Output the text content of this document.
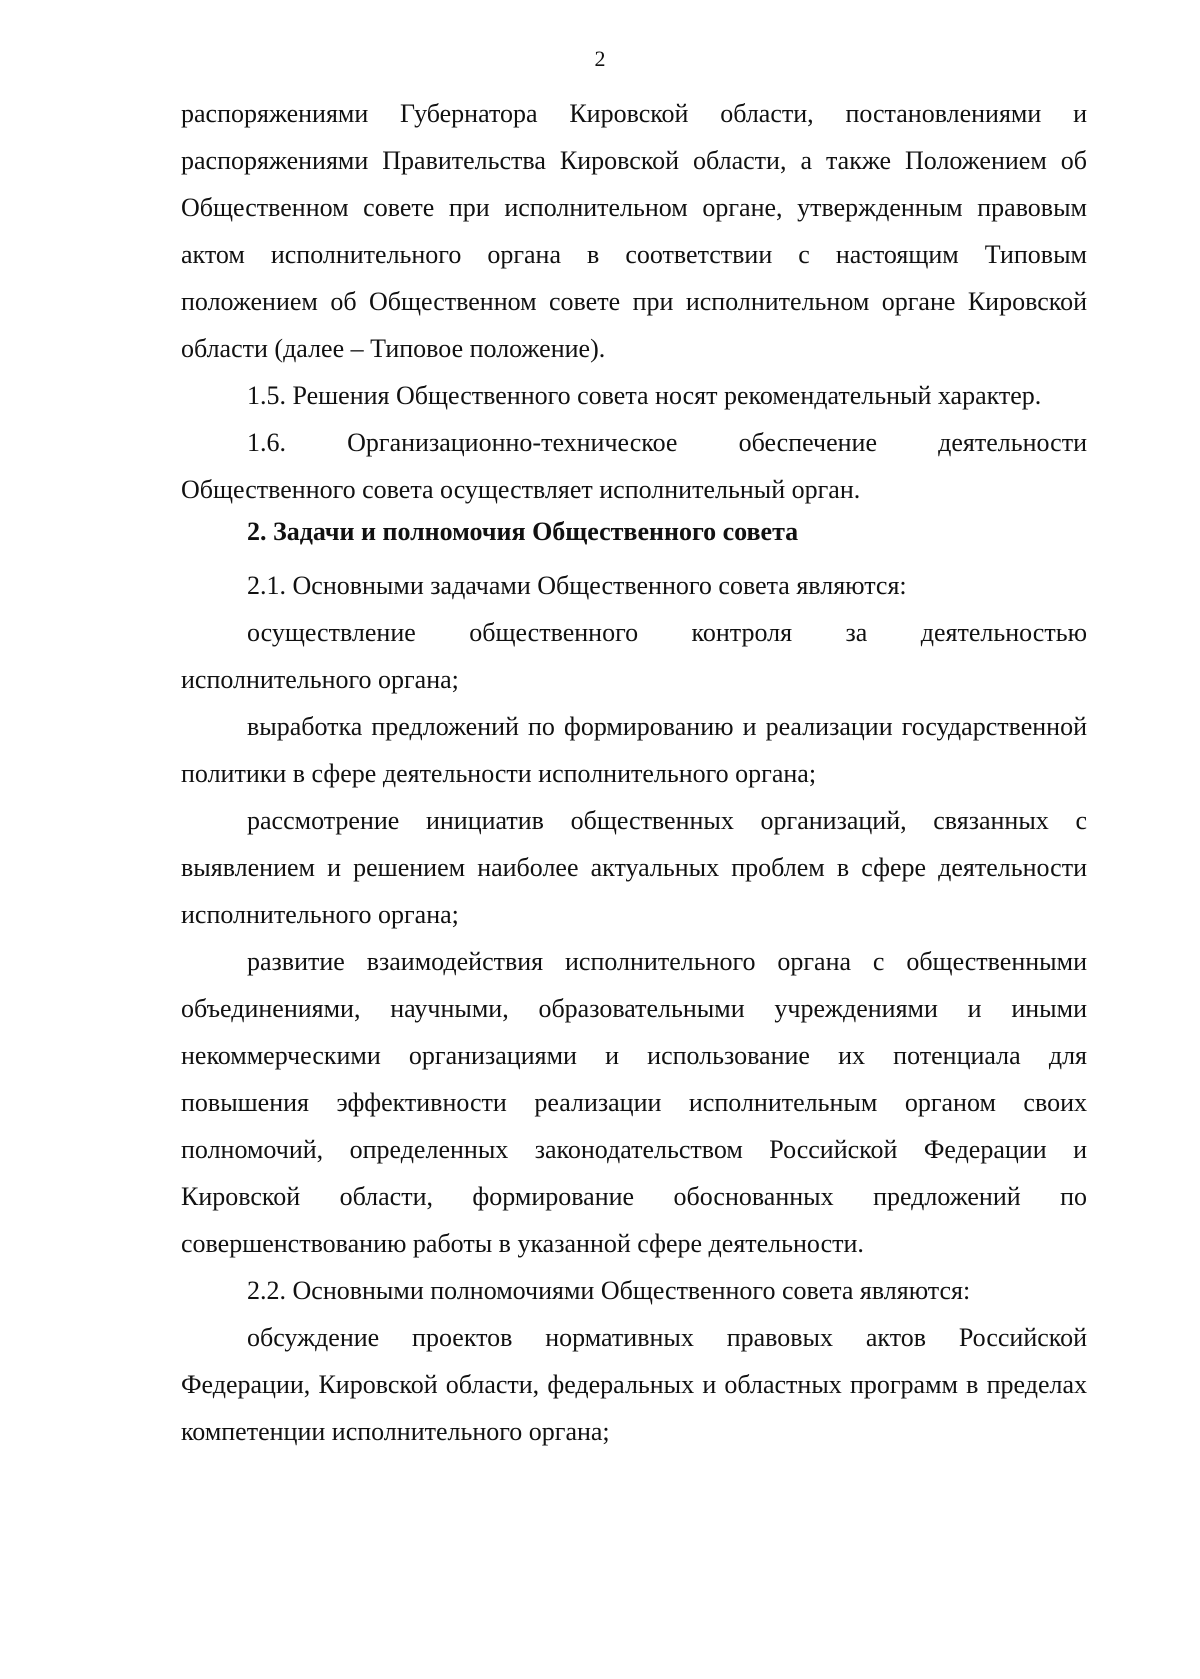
2

распоряжениями Губернатора Кировской области, постановлениями и распоряжениями Правительства Кировской области, а также Положением об Общественном совете при исполнительном органе, утвержденным правовым актом исполнительного органа в соответствии с настоящим Типовым положением об Общественном совете при исполнительном органе Кировской области (далее – Типовое положение).

1.5. Решения Общественного совета носят рекомендательный характер.

1.6. Организационно-техническое обеспечение деятельности Общественного совета осуществляет исполнительный орган.

2. Задачи и полномочия Общественного совета

2.1. Основными задачами Общественного совета являются:

осуществление общественного контроля за деятельностью исполнительного органа;

выработка предложений по формированию и реализации государственной политики в сфере деятельности исполнительного органа;

рассмотрение инициатив общественных организаций, связанных с выявлением и решением наиболее актуальных проблем в сфере деятельности исполнительного органа;

развитие взаимодействия исполнительного органа с общественными объединениями, научными, образовательными учреждениями и иными некоммерческими организациями и использование их потенциала для повышения эффективности реализации исполнительным органом своих полномочий, определенных законодательством Российской Федерации и Кировской области, формирование обоснованных предложений по совершенствованию работы в указанной сфере деятельности.

2.2. Основными полномочиями Общественного совета являются:

обсуждение проектов нормативных правовых актов Российской Федерации, Кировской области, федеральных и областных программ в пределах компетенции исполнительного органа;
